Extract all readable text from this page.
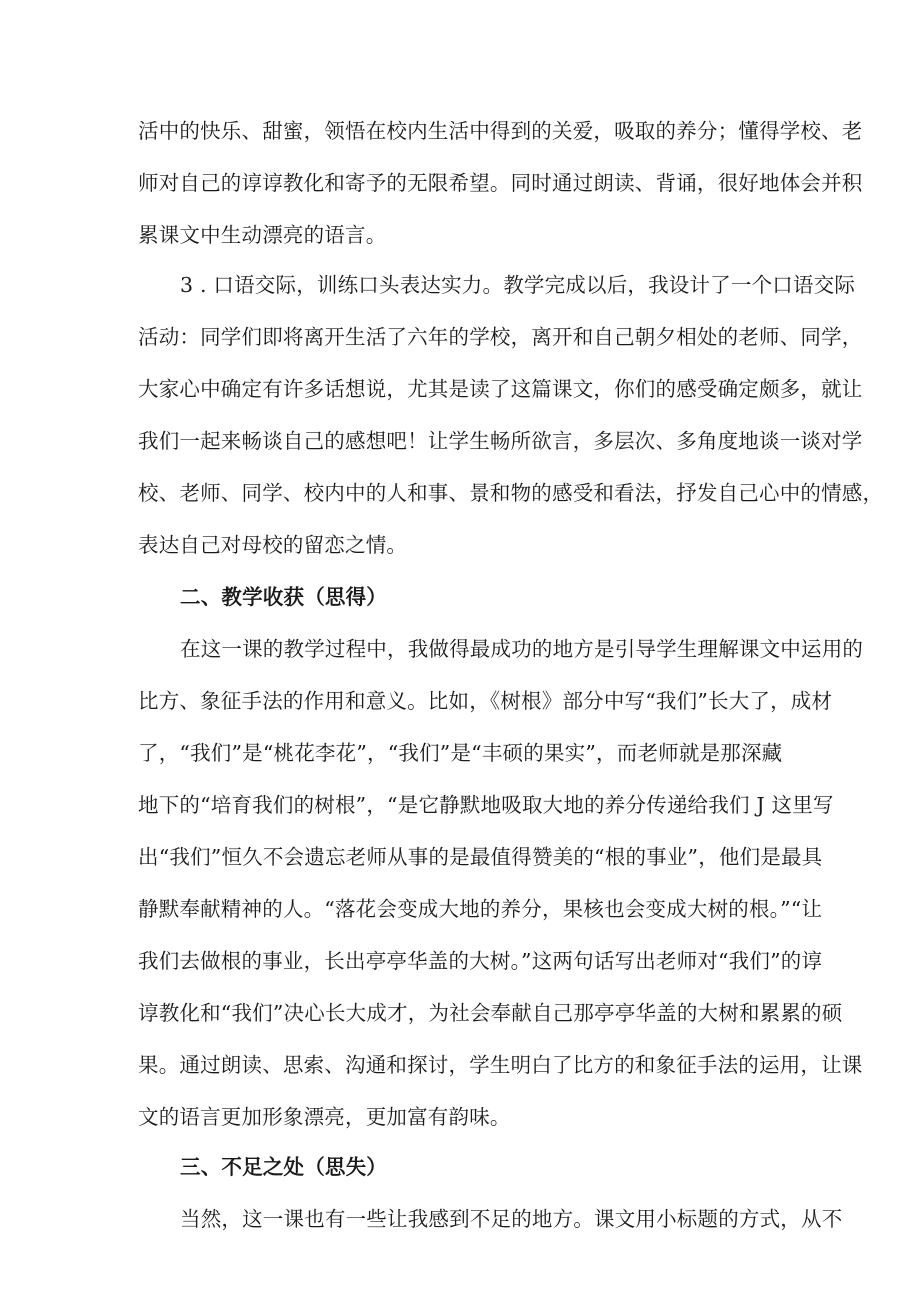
活中的快乐、甜蜜，领悟在校内生活中得到的关爱，吸取的养分；懂得学校、老
师对自己的谆谆教化和寄予的无限希望。同时通过朗读、背诵，很好地体会并积
累课文中生动漂亮的语言。
3 . 口语交际，训练口头表达实力。教学完成以后，我设计了一个口语交际
活动：同学们即将离开生活了六年的学校，离开和自己朝夕相处的老师、同学，
大家心中确定有许多话想说，尤其是读了这篇课文，你们的感受确定颇多，就让
我们一起来畅谈自己的感想吧！让学生畅所欲言，多层次、多角度地谈一谈对学
校、老师、同学、校内中的人和事、景和物的感受和看法，抒发自己心中的情感，
表达自己对母校的留恋之情。
二、教学收获（思得）
在这一课的教学过程中，我做得最成功的地方是引导学生理解课文中运用的
比方、象征手法的作用和意义。比如，《树根》部分中写“我们”长大了，成材
了，“我们”是“桃花李花”，“我们”是“丰硕的果实”，而老师就是那深藏
地下的“培育我们的树根”，“是它静默地吸取大地的养分传递给我们 J 这里写
出“我们”恒久不会遗忘老师从事的是最值得赞美的“根的事业”，他们是最具
静默奉献精神的人。“落花会变成大地的养分，果核也会变成大树的根。”“让
我们去做根的事业，长出亭亭华盖的大树。”这两句话写出老师对“我们”的谆
谆教化和“我们”决心长大成才，为社会奉献自己那亭亭华盖的大树和累累的硕
果。通过朗读、思索、沟通和探讨，学生明白了比方的和象征手法的运用，让课
文的语言更加形象漂亮，更加富有韵味。
三、不足之处（思失）
当然，这一课也有一些让我感到不足的地方。课文用小标题的方式，从不
